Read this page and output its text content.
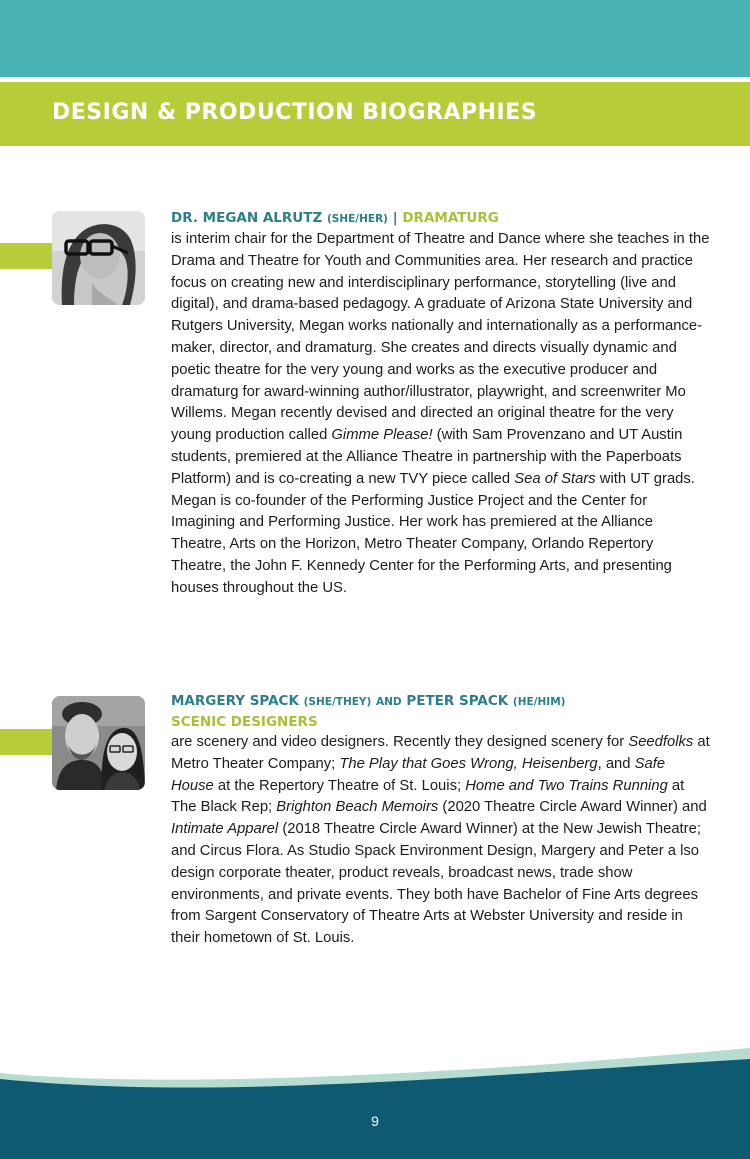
DESIGN & PRODUCTION BIOGRAPHIES
DR. MEGAN ALRUTZ (SHE/HER) | DRAMATURG

is interim chair for the Department of Theatre and Dance where she teaches in the Drama and Theatre for Youth and Communities area. Her research and practice focus on creating new and interdisciplinary performance, storytelling (live and digital), and drama-based pedagogy. A graduate of Arizona State University and Rutgers University, Megan works nationally and internationally as a performance-maker, director, and dramaturg. She creates and directs visually dynamic and poetic theatre for the very young and works as the executive producer and dramaturg for award-winning author/illustrator, playwright, and screenwriter Mo Willems. Megan recently devised and directed an original theatre for the very young production called Gimme Please! (with Sam Provenzano and UT Austin students, premiered at the Alliance Theatre in partnership with the Paperboats Platform) and is co-creating a new TVY piece called Sea of Stars with UT grads. Megan is co-founder of the Performing Justice Project and the Center for Imagining and Performing Justice. Her work has premiered at the Alliance Theatre, Arts on the Horizon, Metro Theater Company, Orlando Repertory Theatre, the John F. Kennedy Center for the Performing Arts, and presenting houses throughout the US.

MARGERY SPACK (SHE/THEY) AND PETER SPACK (HE/HIM)

SCENIC DESIGNERS

are scenery and video designers. Recently they designed scenery for Seedfolks at Metro Theater Company; The Play that Goes Wrong, Heisenberg, and Safe House at the Repertory Theatre of St. Louis; Home and Two Trains Running at The Black Rep; Brighton Beach Memoirs (2020 Theatre Circle Award Winner) and Intimate Apparel (2018 Theatre Circle Award Winner) at the New Jewish Theatre; and Circus Flora. As Studio Spack Environment Design, Margery and Peter a lso design corporate theater, product reveals, broadcast news, trade show environments, and private events. They both have Bachelor of Fine Arts degrees from Sargent Conservatory of Theatre Arts at Webster University and reside in their hometown of St. Louis.

9
